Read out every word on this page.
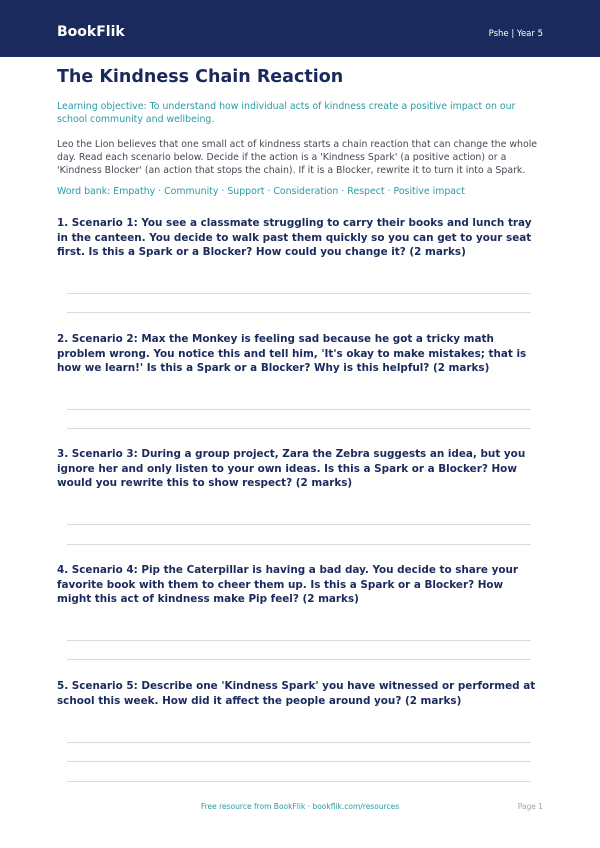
BookFlik	Pshe | Year 5
The Kindness Chain Reaction

Learning objective: To understand how individual acts of kindness create a positive impact on our school community and wellbeing.

Leo the Lion believes that one small act of kindness starts a chain reaction that can change the whole day. Read each scenario below. Decide if the action is a 'Kindness Spark' (a positive action) or a 'Kindness Blocker' (an action that stops the chain). If it is a Blocker, rewrite it to turn it into a Spark.

Word bank: Empathy · Community · Support · Consideration · Respect · Positive impact

1. Scenario 1: You see a classmate struggling to carry their books and lunch tray in the canteen. You decide to walk past them quickly so you can get to your seat first. Is this a Spark or a Blocker? How could you change it? (2 marks)

2. Scenario 2: Max the Monkey is feeling sad because he got a tricky math problem wrong. You notice this and tell him, 'It's okay to make mistakes; that is how we learn!' Is this a Spark or a Blocker? Why is this helpful? (2 marks)

3. Scenario 3: During a group project, Zara the Zebra suggests an idea, but you ignore her and only listen to your own ideas. Is this a Spark or a Blocker? How would you rewrite this to show respect? (2 marks)

4. Scenario 4: Pip the Caterpillar is having a bad day. You decide to share your favorite book with them to cheer them up. Is this a Spark or a Blocker? How might this act of kindness make Pip feel? (2 marks)

5. Scenario 5: Describe one 'Kindness Spark' you have witnessed or performed at school this week. How did it affect the people around you? (2 marks)

Free resource from BookFlik · bookflik.com/resources	Page 1
